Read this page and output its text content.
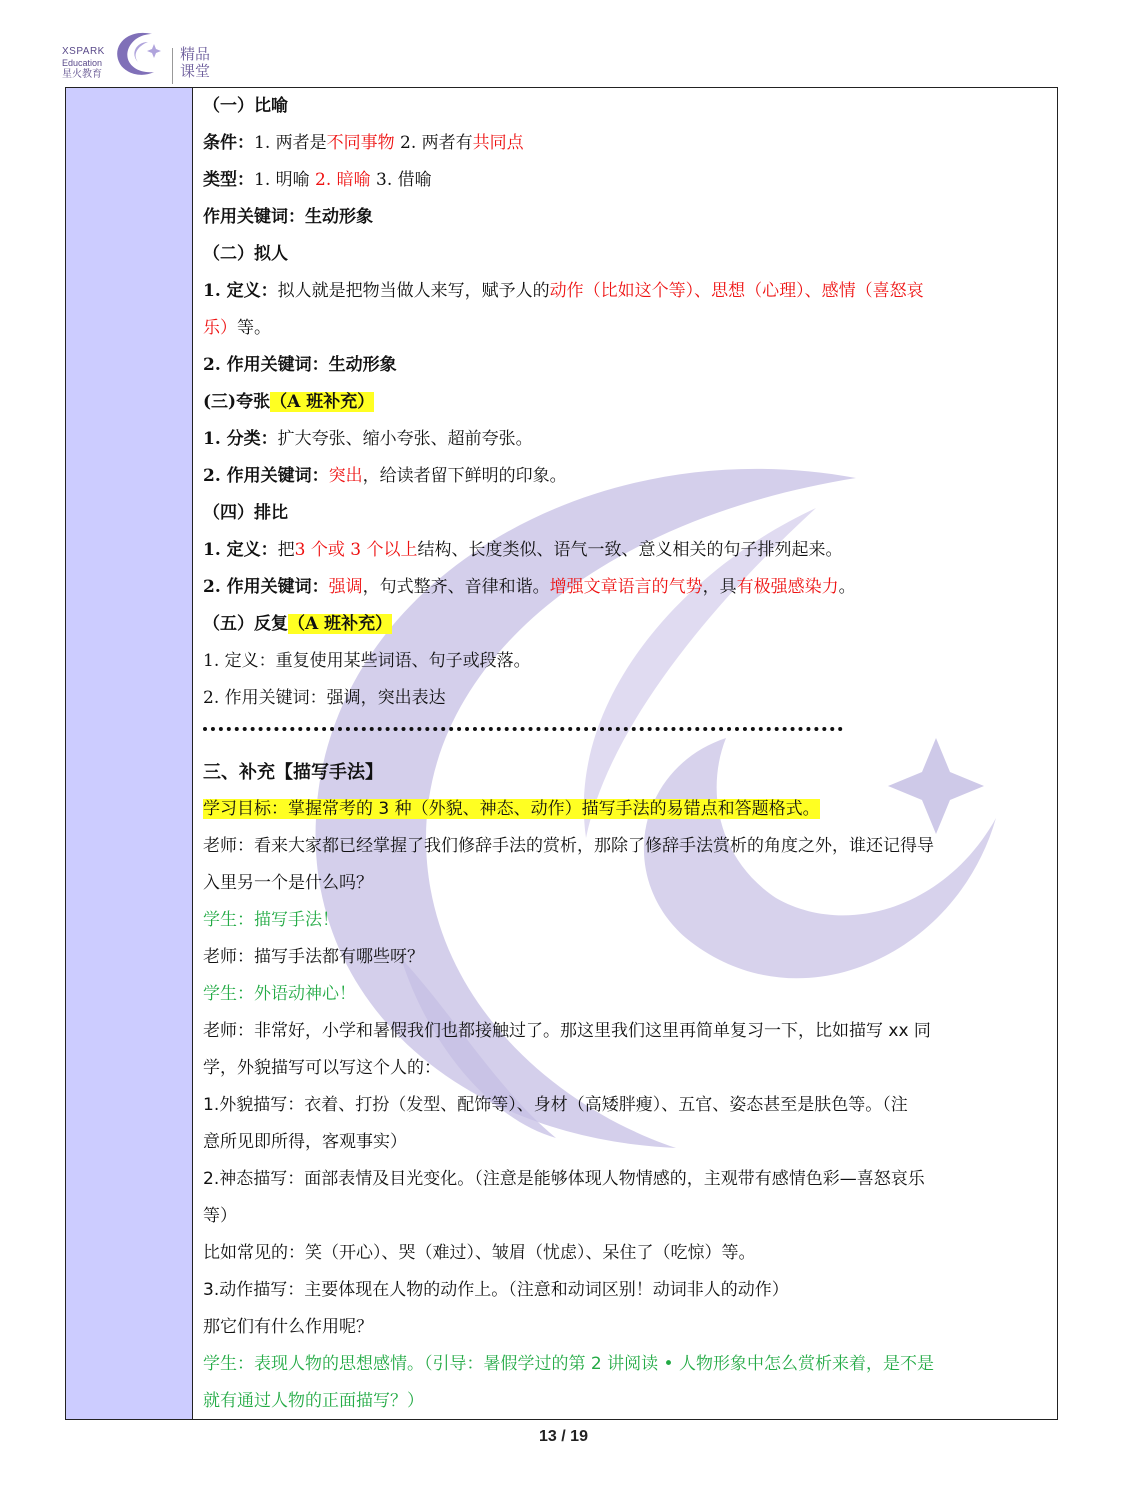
XSPARK
Education
星火教育
精品
课堂
（一）比喻
条件：1. 两者是不同事物 2. 两者有共同点
类型：1. 明喻 2. 暗喻 3. 借喻
作用关键词：生动形象
（二）拟人
1. 定义：拟人就是把物当做人来写，赋予人的动作（比如这个等）、思想（心理）、感情（喜怒哀
乐）等。
2. 作用关键词：生动形象
(三)夸张（A 班补充）
1. 分类：扩大夸张、缩小夸张、超前夸张。
2. 作用关键词：突出，给读者留下鲜明的印象。
（四）排比
1. 定义：把3 个或 3 个以上结构、长度类似、语气一致、意义相关的句子排列起来。
2. 作用关键词：强调，句式整齐、音律和谐。增强文章语言的气势，具有极强感染力。
（五）反复（A 班补充）
1. 定义：重复使用某些词语、句子或段落。
2. 作用关键词：强调，突出表达
三、补充【描写手法】
学习目标：掌握常考的 3 种（外貌、神态、动作）描写手法的易错点和答题格式。
老师：看来大家都已经掌握了我们修辞手法的赏析，那除了修辞手法赏析的角度之外，谁还记得导
入里另一个是什么吗？
学生：描写手法！
老师：描写手法都有哪些呀？
学生：外语动神心！
老师：非常好，小学和暑假我们也都接触过了。那这里我们这里再简单复习一下，比如描写 xx 同
学，外貌描写可以写这个人的：
1.外貌描写：衣着、打扮（发型、配饰等）、身材（高矮胖瘦）、五官、姿态甚至是肤色等。（注
意所见即所得，客观事实）
2.神态描写：面部表情及目光变化。（注意是能够体现人物情感的，主观带有感情色彩—喜怒哀乐
等）
比如常见的：笑（开心）、哭（难过）、皱眉（忧虑）、呆住了（吃惊）等。
3.动作描写：主要体现在人物的动作上。（注意和动词区别！动词非人的动作）
那它们有什么作用呢？
学生：表现人物的思想感情。（引导：暑假学过的第 2 讲阅读 • 人物形象中怎么赏析来着，是不是
就有通过人物的正面描写？）
13 / 19
